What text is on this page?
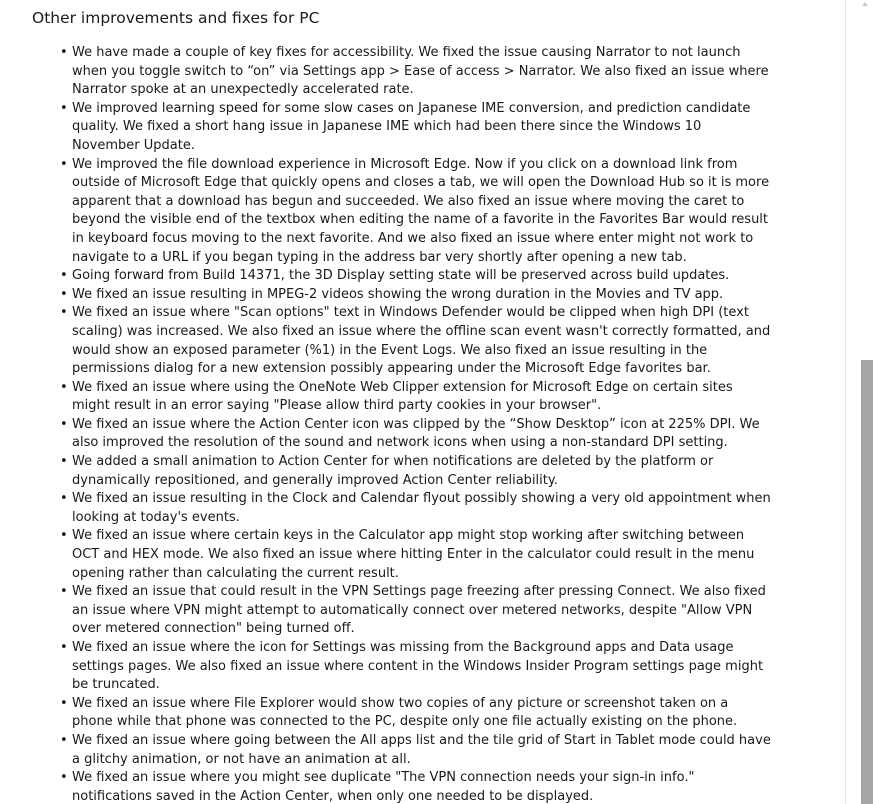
Other improvements and fixes for PC
• We have made a couple of key fixes for accessibility. We fixed the issue causing Narrator to not launch when you toggle switch to “on” via Settings app > Ease of access > Narrator. We also fixed an issue where Narrator spoke at an unexpectedly accelerated rate.
• We improved learning speed for some slow cases on Japanese IME conversion, and prediction candidate quality. We fixed a short hang issue in Japanese IME which had been there since the Windows 10 November Update.
• We improved the file download experience in Microsoft Edge. Now if you click on a download link from outside of Microsoft Edge that quickly opens and closes a tab, we will open the Download Hub so it is more apparent that a download has begun and succeeded. We also fixed an issue where moving the caret to beyond the visible end of the textbox when editing the name of a favorite in the Favorites Bar would result in keyboard focus moving to the next favorite. And we also fixed an issue where enter might not work to navigate to a URL if you began typing in the address bar very shortly after opening a new tab.
• Going forward from Build 14371, the 3D Display setting state will be preserved across build updates.
• We fixed an issue resulting in MPEG-2 videos showing the wrong duration in the Movies and TV app.
• We fixed an issue where "Scan options" text in Windows Defender would be clipped when high DPI (text scaling) was increased. We also fixed an issue where the offline scan event wasn't correctly formatted, and would show an exposed parameter (%1) in the Event Logs. We also fixed an issue resulting in the permissions dialog for a new extension possibly appearing under the Microsoft Edge favorites bar.
• We fixed an issue where using the OneNote Web Clipper extension for Microsoft Edge on certain sites might result in an error saying "Please allow third party cookies in your browser".
• We fixed an issue where the Action Center icon was clipped by the “Show Desktop” icon at 225% DPI. We also improved the resolution of the sound and network icons when using a non-standard DPI setting.
• We added a small animation to Action Center for when notifications are deleted by the platform or dynamically repositioned, and generally improved Action Center reliability.
• We fixed an issue resulting in the Clock and Calendar flyout possibly showing a very old appointment when looking at today's events.
• We fixed an issue where certain keys in the Calculator app might stop working after switching between OCT and HEX mode. We also fixed an issue where hitting Enter in the calculator could result in the menu opening rather than calculating the current result.
• We fixed an issue that could result in the VPN Settings page freezing after pressing Connect. We also fixed an issue where VPN might attempt to automatically connect over metered networks, despite "Allow VPN over metered connection" being turned off.
• We fixed an issue where the icon for Settings was missing from the Background apps and Data usage settings pages. We also fixed an issue where content in the Windows Insider Program settings page might be truncated.
• We fixed an issue where File Explorer would show two copies of any picture or screenshot taken on a phone while that phone was connected to the PC, despite only one file actually existing on the phone.
• We fixed an issue where going between the All apps list and the tile grid of Start in Tablet mode could have a glitchy animation, or not have an animation at all.
• We fixed an issue where you might see duplicate "The VPN connection needs your sign-in info." notifications saved in the Action Center, when only one needed to be displayed.
